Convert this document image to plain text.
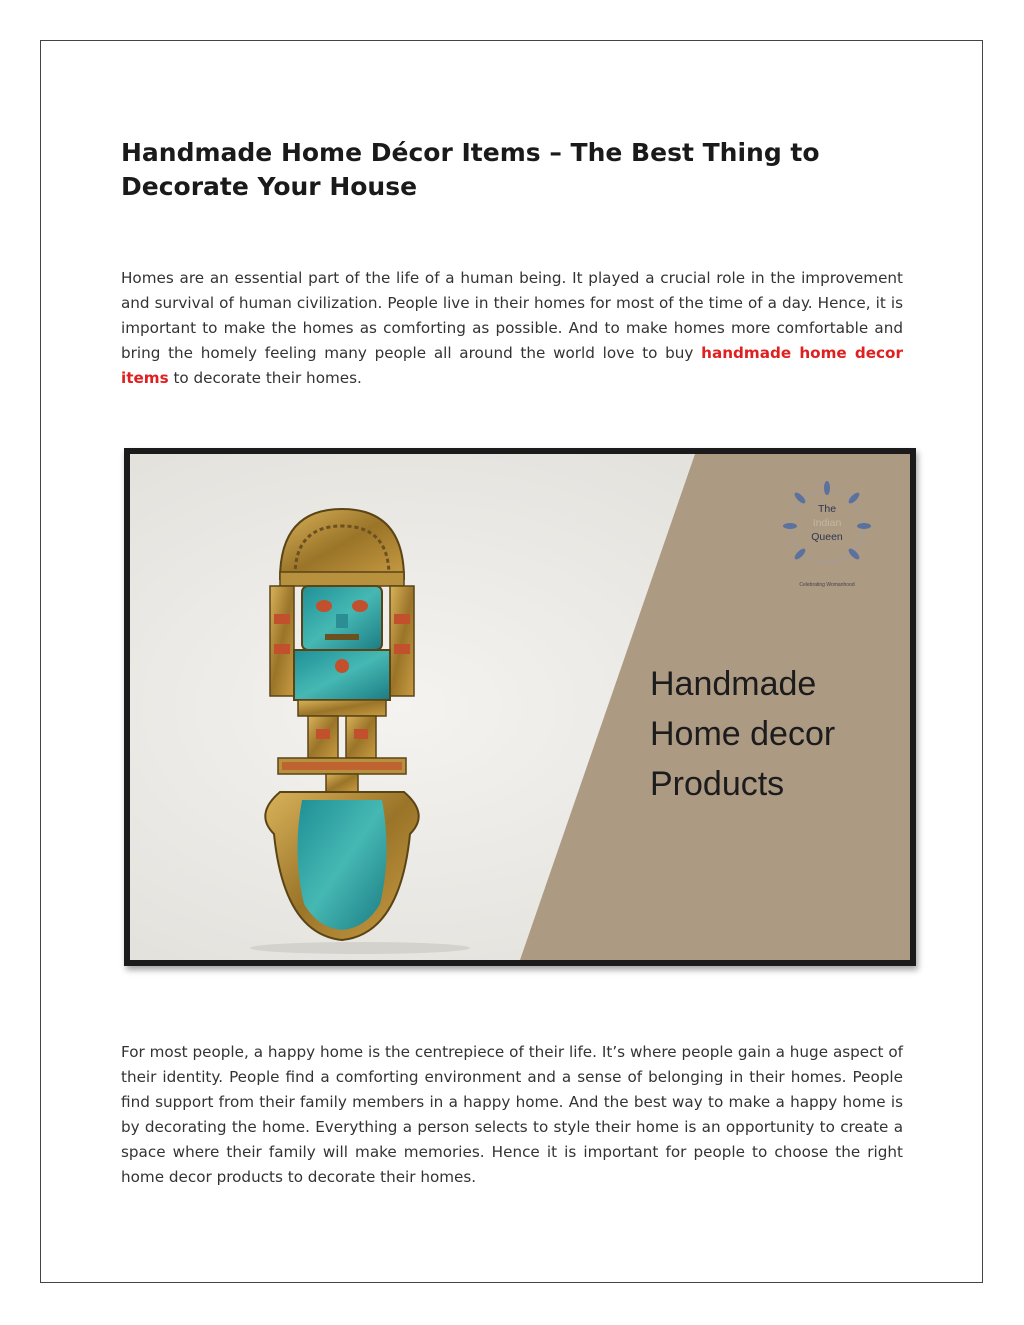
Handmade Home Décor Items – The Best Thing to Decorate Your House

Homes are an essential part of the life of a human being. It played a crucial role in the improvement and survival of human civilization. People live in their homes for most of the time of a day. Hence, it is important to make the homes as comforting as possible. And to make homes more comfortable and bring the homely feeling many people all around the world love to buy handmade home decor items to decorate their homes.

The
Indian
Queen
Celebrating Womanhood
Handmade
Home decor
Products

For most people, a happy home is the centrepiece of their life. It’s where people gain a huge aspect of their identity. People find a comforting environment and a sense of belonging in their homes. People find support from their family members in a happy home. And the best way to make a happy home is by decorating the home. Everything a person selects to style their home is an opportunity to create a space where their family will make memories. Hence it is important for people to choose the right home decor products to decorate their homes.
